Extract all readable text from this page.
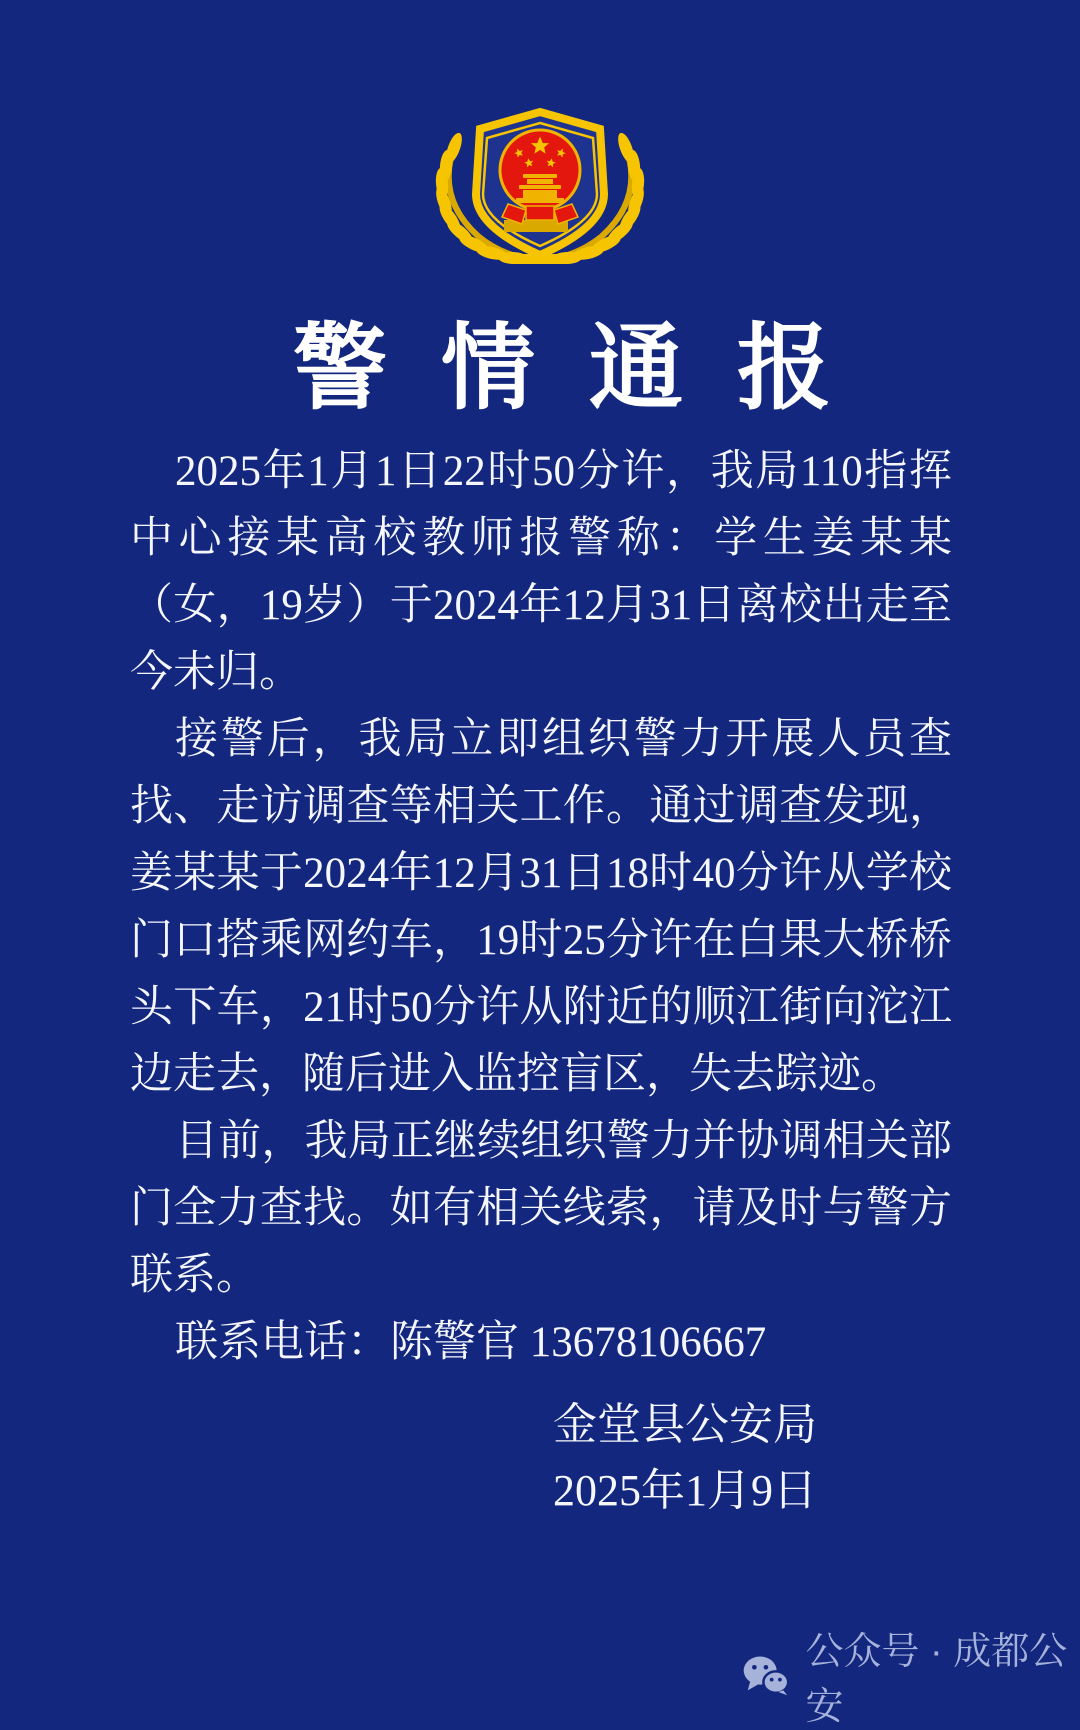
警情通报

2025年1月1日22时50分许，我局110指挥中心接某高校教师报警称：学生姜某某（女，19岁）于2024年12月31日离校出走至今未归。

接警后，我局立即组织警力开展人员查找、走访调查等相关工作。通过调查发现，姜某某于2024年12月31日18时40分许从学校门口搭乘网约车，19时25分许在白果大桥桥头下车，21时50分许从附近的顺江街向沱江边走去，随后进入监控盲区，失去踪迹。

目前，我局正继续组织警力并协调相关部门全力查找。如有相关线索，请及时与警方联系。

联系电话：陈警官 13678106667

金堂县公安局
2025年1月9日
公众号 · 成都公安
